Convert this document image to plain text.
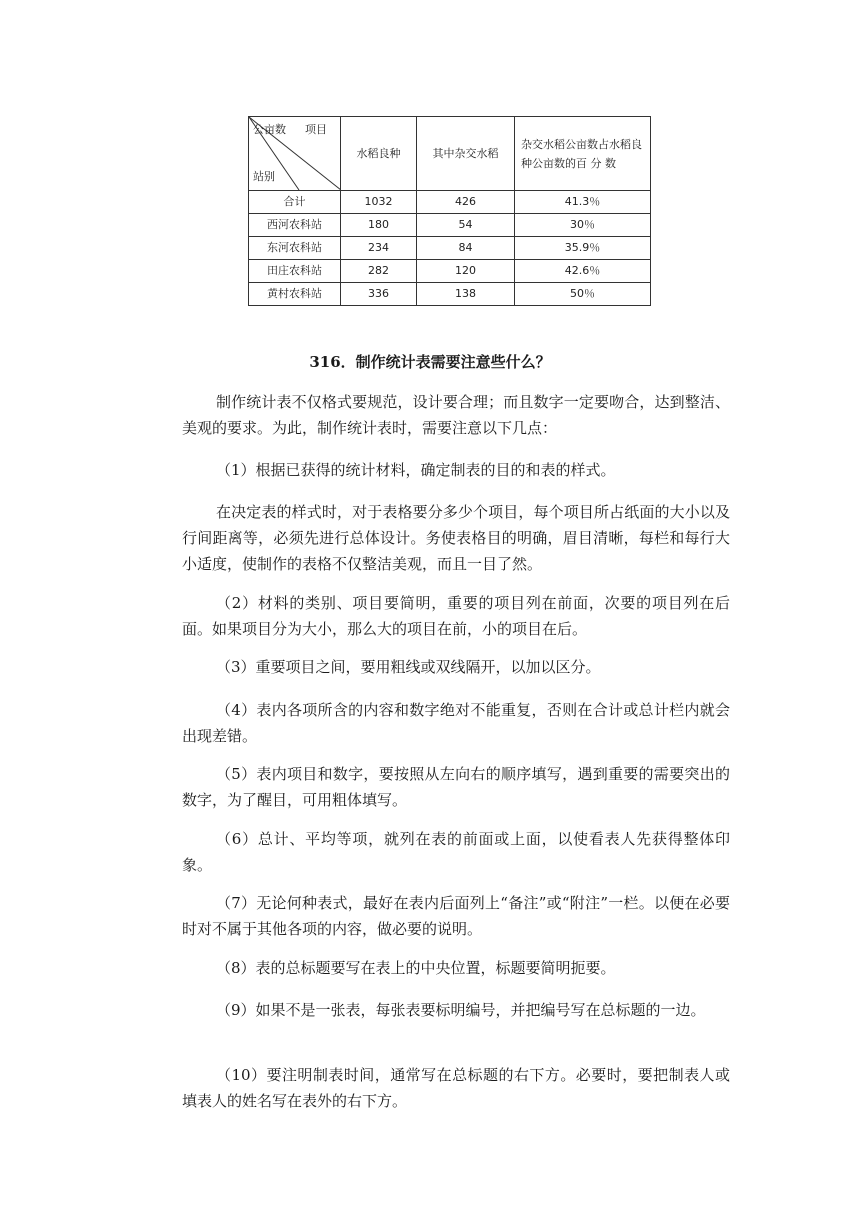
公亩数 项目
站别	水稻良种	其中杂交水稻	杂交水稻公亩数占水稻良种公亩数的百 分 数
合计	1032	426	41.3％
西河农科站	180	54	30％
东河农科站	234	84	35.9％
田庄农科站	282	120	42.6％
黄村农科站	336	138	50％
316．制作统计表需要注意些什么？

制作统计表不仅格式要规范，设计要合理；而且数字一定要吻合，达到整洁、美观的要求。为此，制作统计表时，需要注意以下几点：

（1）根据已获得的统计材料，确定制表的目的和表的样式。

在决定表的样式时，对于表格要分多少个项目，每个项目所占纸面的大小以及行间距离等，必须先进行总体设计。务使表格目的明确，眉目清晰，每栏和每行大小适度，使制作的表格不仅整洁美观，而且一目了然。

（2）材料的类别、项目要简明，重要的项目列在前面，次要的项目列在后面。如果项目分为大小，那么大的项目在前，小的项目在后。

（3）重要项目之间，要用粗线或双线隔开，以加以区分。

（4）表内各项所含的内容和数字绝对不能重复，否则在合计或总计栏内就会出现差错。

（5）表内项目和数字，要按照从左向右的顺序填写，遇到重要的需要突出的数字，为了醒目，可用粗体填写。

（6）总计、平均等项，就列在表的前面或上面，以使看表人先获得整体印象。

（7）无论何种表式，最好在表内后面列上“备注”或“附注”一栏。以便在必要时对不属于其他各项的内容，做必要的说明。

（8）表的总标题要写在表上的中央位置，标题要简明扼要。

（9）如果不是一张表，每张表要标明编号，并把编号写在总标题的一边。

（10）要注明制表时间，通常写在总标题的右下方。必要时，要把制表人或填表人的姓名写在表外的右下方。
